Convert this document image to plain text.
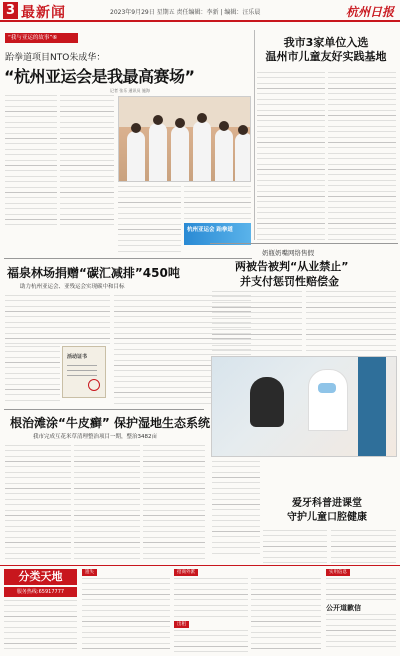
3 最新闻	2023年9月29日 星期五 责任编辑：李新 | 编辑：汪乐晨	杭州日报
“我与亚运的故事”⑥
跆拳道项目NTO朱成华：
“杭州亚运会是我最高赛场”
记者 张乐 通讯员 施海
杭州亚运会 跆拳道
福泉林场捐赠“碳汇减排”450吨
助力杭州亚运会、亚残运会实现碳中和目标
活动证书
根治滩涂“牛皮癣” 保护湿地生态系统
我市完成互花米草清理整治项目一期，整治3482亩
我市3家单位入选
温州市儿童友好实践基地
奶瓶奶嘴网络售假
两被告被判“从业禁止”
并支付惩罚性赔偿金
爱牙科普进课堂
守护儿童口腔健康
分类天地
服务热线:65917777
遗失	招商外派
出租
实用信息
公开道歉信
